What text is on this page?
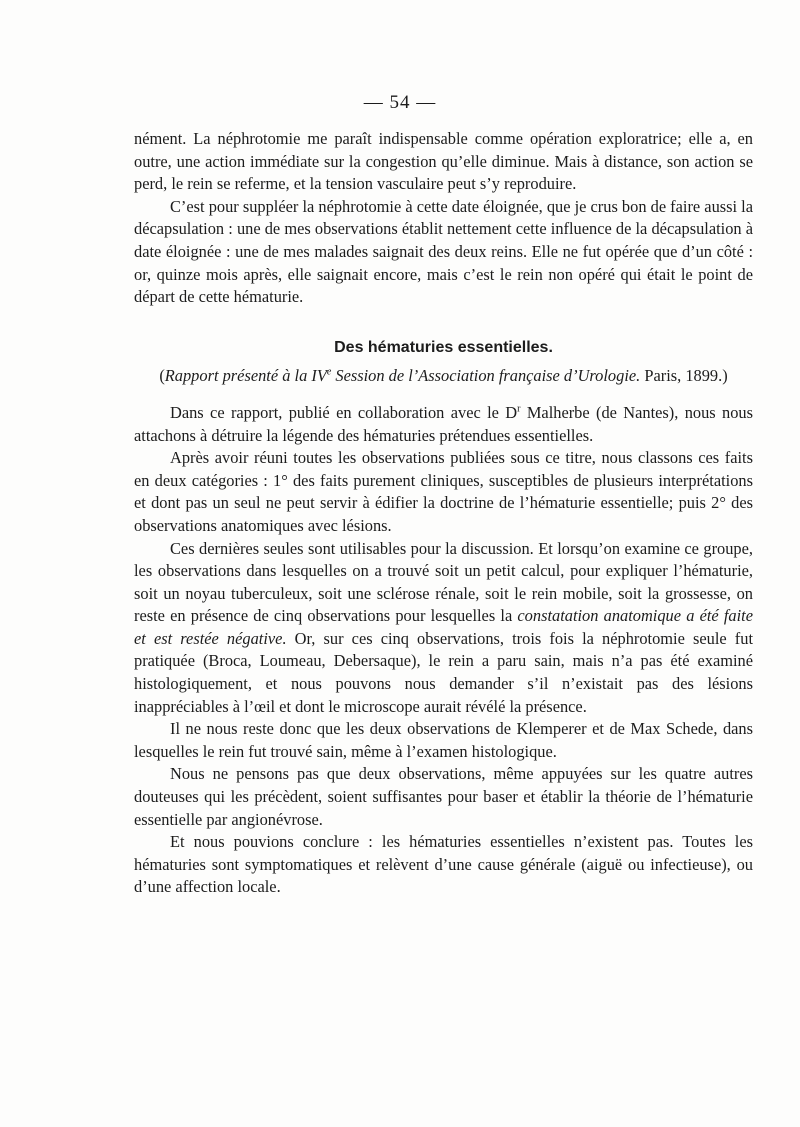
— 54 —

nément. La néphrotomie me paraît indispensable comme opération exploratrice; elle a, en outre, une action immédiate sur la congestion qu’elle diminue. Mais à distance, son action se perd, le rein se referme, et la tension vasculaire peut s’y reproduire.

C’est pour suppléer la néphrotomie à cette date éloignée, que je crus bon de faire aussi la décapsulation : une de mes observations établit nettement cette influence de la décapsulation à date éloignée : une de mes malades saignait des deux reins. Elle ne fut opérée que d’un côté : or, quinze mois après, elle saignait encore, mais c’est le rein non opéré qui était le point de départ de cette hématurie.

Des hématuries essentielles.

(Rapport présenté à la IVe Session de l’Association française d’Urologie. Paris, 1899.)

Dans ce rapport, publié en collaboration avec le $D^r$ Malherbe (de Nantes), nous nous attachons à détruire la légende des hématuries prétendues essentielles.

Après avoir réuni toutes les observations publiées sous ce titre, nous classons ces faits en deux catégories : 1° des faits purement cliniques, susceptibles de plusieurs interprétations et dont pas un seul ne peut servir à édifier la doctrine de l’hématurie essentielle; puis 2° des observations anatomiques avec lésions.

Ces dernières seules sont utilisables pour la discussion. Et lorsqu’on examine ce groupe, les observations dans lesquelles on a trouvé soit un petit calcul, pour expliquer l’hématurie, soit un noyau tuberculeux, soit une sclérose rénale, soit le rein mobile, soit la grossesse, on reste en présence de cinq observations pour lesquelles la constatation anatomique a été faite et est restée négative. Or, sur ces cinq observations, trois fois la néphrotomie seule fut pratiquée (Broca, Loumeau, Debersaque), le rein a paru sain, mais n’a pas été examiné histologiquement, et nous pouvons nous demander s’il n’existait pas des lésions inappréciables à l’œil et dont le microscope aurait révélé la présence.

Il ne nous reste donc que les deux observations de Klemperer et de Max Schede, dans lesquelles le rein fut trouvé sain, même à l’examen histologique.

Nous ne pensons pas que deux observations, même appuyées sur les quatre autres douteuses qui les précèdent, soient suffisantes pour baser et établir la théorie de l’hématurie essentielle par angionévrose.

Et nous pouvions conclure : les hématuries essentielles n’existent pas. Toutes les hématuries sont symptomatiques et relèvent d’une cause générale (aiguë ou infectieuse), ou d’une affection locale.
